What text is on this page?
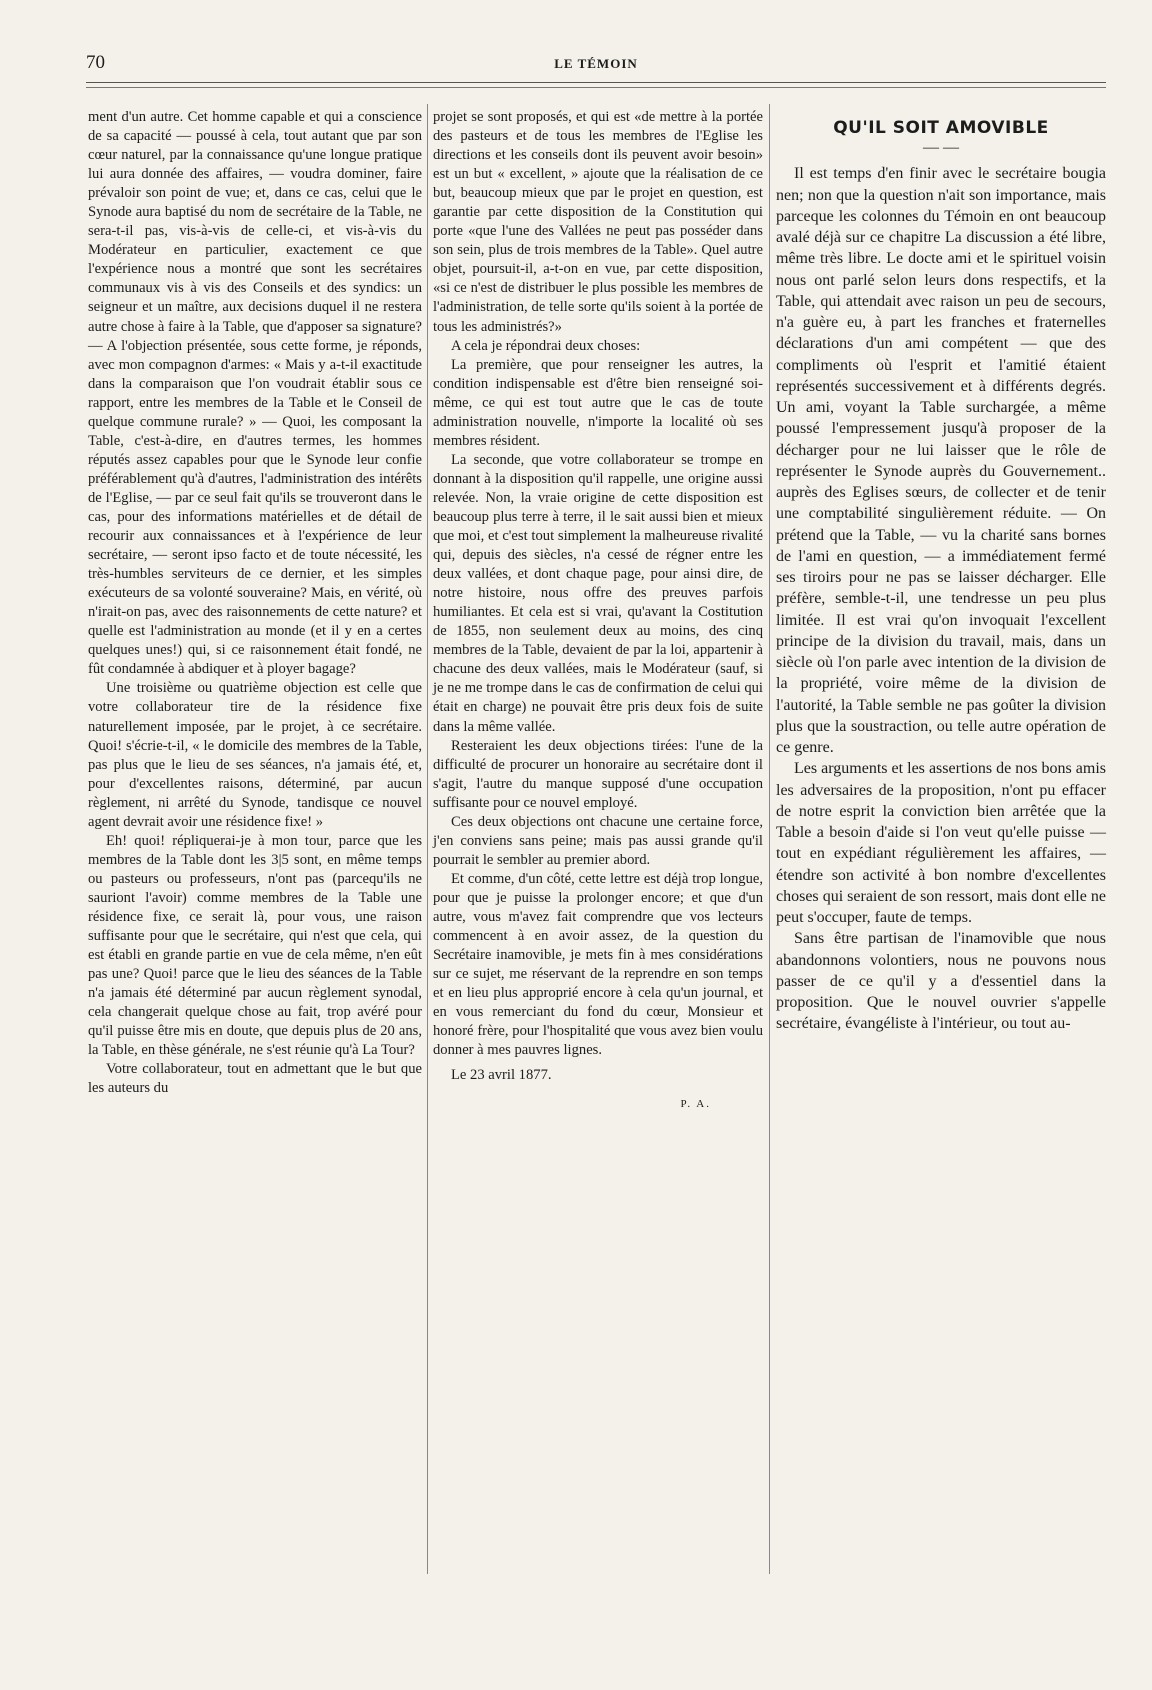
70	LE TÉMOIN

ment d'un autre. Cet homme capable et qui a conscience de sa capacité — poussé à cela, tout autant que par son cœur naturel, par la connaissance qu'une longue pratique lui aura donnée des affaires, — voudra dominer, faire prévaloir son point de vue; et, dans ce cas, celui que le Synode aura baptisé du nom de secrétaire de la Table, ne sera-t-il pas, vis-à-vis de celle-ci, et vis-à-vis du Modérateur en particulier, exactement ce que l'expérience nous a montré que sont les secrétaires communaux vis à vis des Conseils et des syndics: un seigneur et un maître, aux decisions duquel il ne restera autre chose à faire à la Table, que d'apposer sa signature? — A l'objection présentée, sous cette forme, je réponds, avec mon compagnon d'armes: « Mais y a-t-il exactitude dans la comparaison que l'on voudrait établir sous ce rapport, entre les membres de la Table et le Conseil de quelque commune rurale? » — Quoi, les composant la Table, c'est-à-dire, en d'autres termes, les hommes réputés assez capables pour que le Synode leur confie préférablement qu'à d'autres, l'administration des intérêts de l'Eglise, — par ce seul fait qu'ils se trouveront dans le cas, pour des informations matérielles et de détail de recourir aux connaissances et à l'expérience de leur secrétaire, — seront ipso facto et de toute nécessité, les très-humbles serviteurs de ce dernier, et les simples exécuteurs de sa volonté souveraine? Mais, en vérité, où n'irait-on pas, avec des raisonnements de cette nature? et quelle est l'administration au monde (et il y en a certes quelques unes!) qui, si ce raisonnement était fondé, ne fût condamnée à abdiquer et à ployer bagage?

Une troisième ou quatrième objection est celle que votre collaborateur tire de la résidence fixe naturellement imposée, par le projet, à ce secrétaire. Quoi! s'écrie-t-il, « le domicile des membres de la Table, pas plus que le lieu de ses séances, n'a jamais été, et, pour d'excellentes raisons, déterminé, par aucun règlement, ni arrêté du Synode, tandisque ce nouvel agent devrait avoir une résidence fixe! »

Eh! quoi! répliquerai-je à mon tour, parce que les membres de la Table dont les 3|5 sont, en même temps ou pasteurs ou professeurs, n'ont pas (parcequ'ils ne sauriont l'avoir) comme membres de la Table une résidence fixe, ce serait là, pour vous, une raison suffisante pour que le secrétaire, qui n'est que cela, qui est établi en grande partie en vue de cela même, n'en eût pas une? Quoi! parce que le lieu des séances de la Table n'a jamais été déterminé par aucun règlement synodal, cela changerait quelque chose au fait, trop avéré pour qu'il puisse être mis en doute, que depuis plus de 20 ans, la Table, en thèse générale, ne s'est réunie qu'à La Tour?

Votre collaborateur, tout en admettant que le but que les auteurs du

projet se sont proposés, et qui est «de mettre à la portée des pasteurs et de tous les membres de l'Eglise les directions et les conseils dont ils peuvent avoir besoin» est un but « excellent, » ajoute que la réalisation de ce but, beaucoup mieux que par le projet en question, est garantie par cette disposition de la Constitution qui porte «que l'une des Vallées ne peut pas posséder dans son sein, plus de trois membres de la Table». Quel autre objet, poursuit-il, a-t-on en vue, par cette disposition, «si ce n'est de distribuer le plus possible les membres de l'administration, de telle sorte qu'ils soient à la portée de tous les administrés?»

A cela je répondrai deux choses:

La première, que pour renseigner les autres, la condition indispensable est d'être bien renseigné soi-même, ce qui est tout autre que le cas de toute administration nouvelle, n'importe la localité où ses membres résident.

La seconde, que votre collaborateur se trompe en donnant à la disposition qu'il rappelle, une origine aussi relevée. Non, la vraie origine de cette disposition est beaucoup plus terre à terre, il le sait aussi bien et mieux que moi, et c'est tout simplement la malheureuse rivalité qui, depuis des siècles, n'a cessé de régner entre les deux vallées, et dont chaque page, pour ainsi dire, de notre histoire, nous offre des preuves parfois humiliantes. Et cela est si vrai, qu'avant la Costitution de 1855, non seulement deux au moins, des cinq membres de la Table, devaient de par la loi, appartenir à chacune des deux vallées, mais le Modérateur (sauf, si je ne me trompe dans le cas de confirmation de celui qui était en charge) ne pouvait être pris deux fois de suite dans la même vallée.

Resteraient les deux objections tirées: l'une de la difficulté de procurer un honoraire au secrétaire dont il s'agit, l'autre du manque supposé d'une occupation suffisante pour ce nouvel employé.

Ces deux objections ont chacune une certaine force, j'en conviens sans peine; mais pas aussi grande qu'il pourrait le sembler au premier abord.

Et comme, d'un côté, cette lettre est déjà trop longue, pour que je puisse la prolonger encore; et que d'un autre, vous m'avez fait comprendre que vos lecteurs commencent à en avoir assez, de la question du Secrétaire inamovible, je mets fin à mes considérations sur ce sujet, me réservant de la reprendre en son temps et en lieu plus approprié encore à cela qu'un journal, et en vous remerciant du fond du cœur, Monsieur et honoré frère, pour l'hospitalité que vous avez bien voulu donner à mes pauvres lignes.

Le 23 avril 1877.

P. A.

QU'IL SOIT AMOVIBLE

— —

Il est temps d'en finir avec le secrétaire bougia nen; non que la question n'ait son importance, mais parceque les colonnes du Témoin en ont beaucoup avalé déjà sur ce chapitre La discussion a été libre, même très libre. Le docte ami et le spirituel voisin nous ont parlé selon leurs dons respectifs, et la Table, qui attendait avec raison un peu de secours, n'a guère eu, à part les franches et fraternelles déclarations d'un ami compétent — que des compliments où l'esprit et l'amitié étaient représentés successivement et à différents degrés. Un ami, voyant la Table surchargée, a même poussé l'empressement jusqu'à proposer de la décharger pour ne lui laisser que le rôle de représenter le Synode auprès du Gouvernement.. auprès des Eglises sœurs, de collecter et de tenir une comptabilité singulièrement réduite. — On prétend que la Table, — vu la charité sans bornes de l'ami en question, — a immédiatement fermé ses tiroirs pour ne pas se laisser décharger. Elle préfère, semble-t-il, une tendresse un peu plus limitée. Il est vrai qu'on invoquait l'excellent principe de la division du travail, mais, dans un siècle où l'on parle avec intention de la division de la propriété, voire même de la division de l'autorité, la Table semble ne pas goûter la division plus que la soustraction, ou telle autre opération de ce genre.

Les arguments et les assertions de nos bons amis les adversaires de la proposition, n'ont pu effacer de notre esprit la conviction bien arrêtée que la Table a besoin d'aide si l'on veut qu'elle puisse — tout en expédiant régulièrement les affaires, — étendre son activité à bon nombre d'excellentes choses qui seraient de son ressort, mais dont elle ne peut s'occuper, faute de temps.

Sans être partisan de l'inamovible que nous abandonnons volontiers, nous ne pouvons nous passer de ce qu'il y a d'essentiel dans la proposition. Que le nouvel ouvrier s'appelle secrétaire, évangéliste à l'intérieur, ou tout au-
